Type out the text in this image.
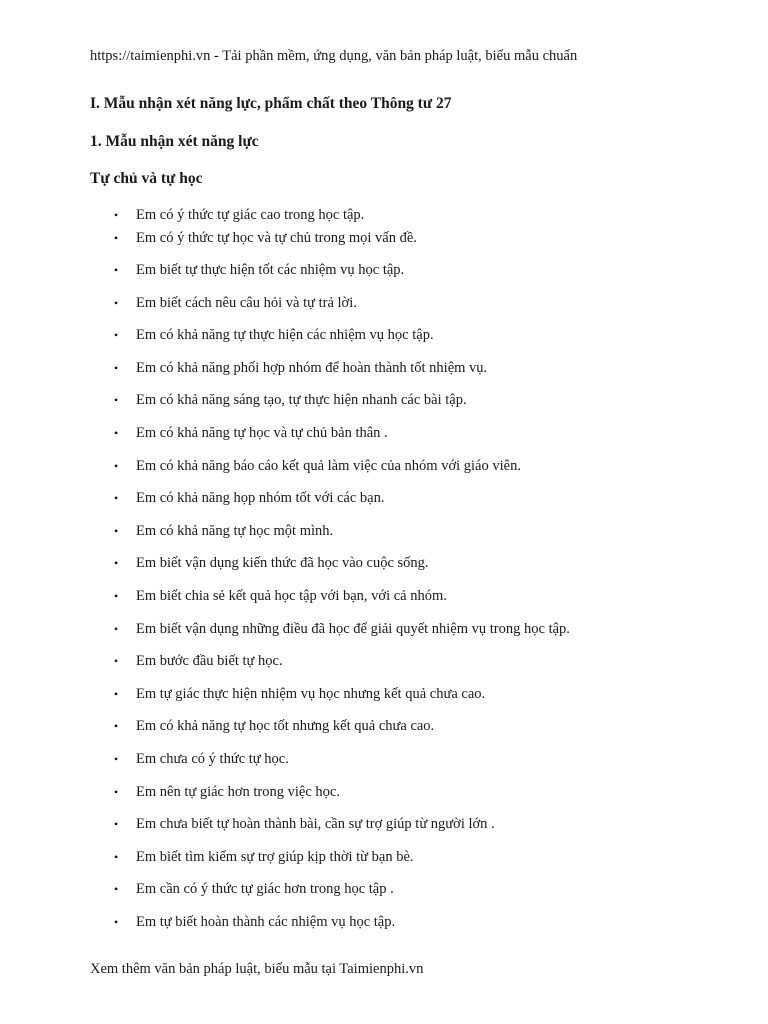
https://taimienphi.vn - Tải phần mềm, ứng dụng, văn bản pháp luật, biểu mẫu chuẩn
I. Mẫu nhận xét năng lực, phẩm chất theo Thông tư 27
1. Mẫu nhận xét năng lực
Tự chủ và tự học
• Em có ý thức tự giác cao trong học tập.
• Em có ý thức tự học và tự chủ trong mọi vấn đề.
• Em biết tự thực hiện tốt các nhiệm vụ học tập.
• Em biết cách nêu câu hỏi và tự trả lời.
• Em có khả năng tự thực hiện các nhiệm vụ học tập.
• Em có khả năng phối hợp nhóm để hoàn thành tốt nhiệm vụ.
• Em có khả năng sáng tạo, tự thực hiện nhanh các bài tập.
• Em có khả năng tự học và tự chủ bản thân .
• Em có khả năng báo cáo kết quả làm việc của nhóm với giáo viên.
• Em có khả năng họp nhóm tốt với các bạn.
• Em có khả năng tự học một mình.
• Em biết vận dụng kiến thức đã học vào cuộc sống.
• Em biết chia sẻ kết quả học tập với bạn, với cả nhóm.
• Em biết vận dụng những điều đã học để giải quyết nhiệm vụ trong học tập.
• Em bước đầu biết tự học.
• Em tự giác thực hiện nhiệm vụ học nhưng kết quả chưa cao.
• Em có khả năng tự học tốt nhưng kết quả chưa cao.
• Em chưa có ý thức tự học.
• Em nên tự giác hơn trong việc học.
• Em chưa biết tự hoàn thành bài, cần sự trợ giúp từ người lớn .
• Em biết tìm kiếm sự trợ giúp kịp thời từ bạn bè.
• Em cần có ý thức tự giác hơn trong học tập .
• Em tự biết hoàn thành các nhiệm vụ học tập.
Xem thêm văn bản pháp luật, biểu mẫu tại Taimienphi.vn
